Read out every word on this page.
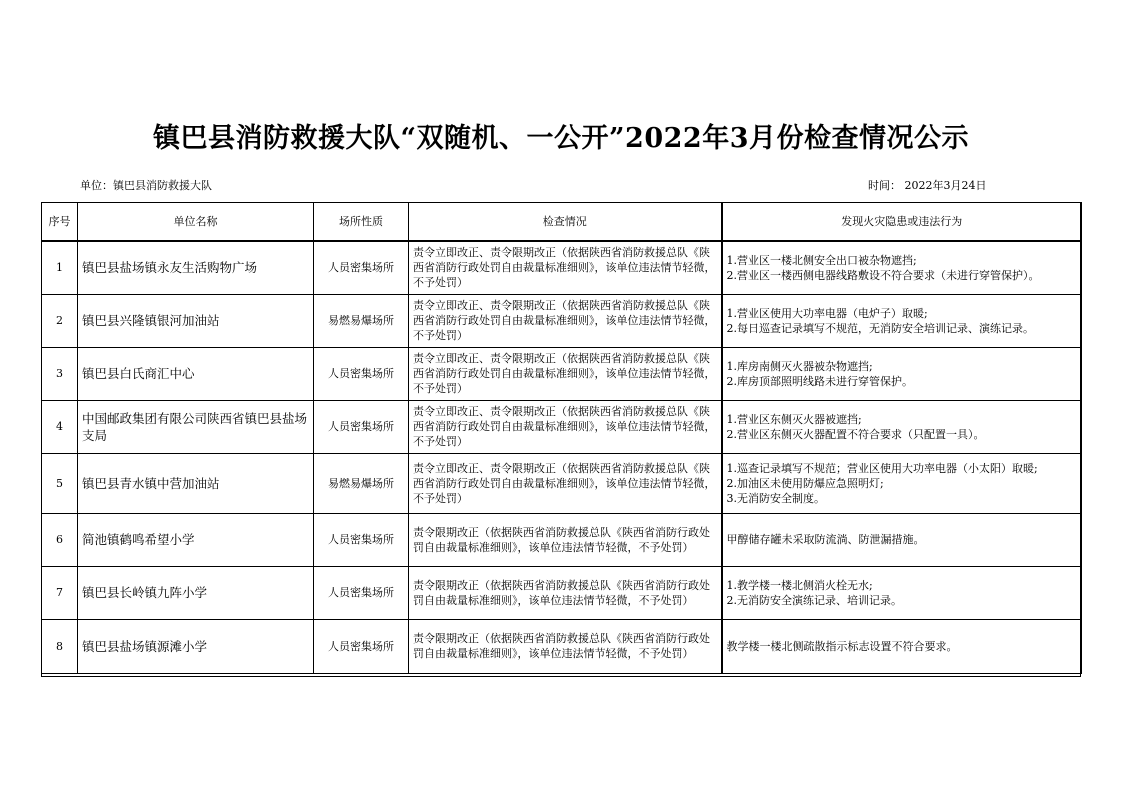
镇巴县消防救援大队“双随机、一公开”2022年3月份检查情况公示
单位：镇巴县消防救援大队	时间： 2022年3月24日
序号	单位名称	场所性质	检查情况	发现火灾隐患或违法行为
1	镇巴县盐场镇永友生活购物广场	人员密集场所	责令立即改正、责令限期改正（依据陕西省消防救援总队《陕西省消防行政处罚自由裁量标准细则》，该单位违法情节轻微，不予处罚）	1.营业区一楼北侧安全出口被杂物遮挡;
2.营业区一楼西侧电器线路敷设不符合要求（未进行穿管保护）。

2	镇巴县兴隆镇银河加油站	易燃易爆场所	责令立即改正、责令限期改正（依据陕西省消防救援总队《陕西省消防行政处罚自由裁量标准细则》，该单位违法情节轻微，不予处罚）	1.营业区使用大功率电器（电炉子）取暖;
2.每日巡查记录填写不规范，无消防安全培训记录、演练记录。

3	镇巴县白氏商汇中心	人员密集场所	责令立即改正、责令限期改正（依据陕西省消防救援总队《陕西省消防行政处罚自由裁量标准细则》，该单位违法情节轻微，不予处罚）	1.库房南侧灭火器被杂物遮挡;
2.库房顶部照明线路未进行穿管保护。

4	中国邮政集团有限公司陕西省镇巴县盐场支局	人员密集场所	责令立即改正、责令限期改正（依据陕西省消防救援总队《陕西省消防行政处罚自由裁量标准细则》，该单位违法情节轻微，不予处罚）	1.营业区东侧灭火器被遮挡;
2.营业区东侧灭火器配置不符合要求（只配置一具）。

5	镇巴县青水镇中营加油站	易燃易爆场所	责令立即改正、责令限期改正（依据陕西省消防救援总队《陕西省消防行政处罚自由裁量标准细则》，该单位违法情节轻微，不予处罚）	1.巡查记录填写不规范；营业区使用大功率电器（小太阳）取暖;
2.加油区未使用防爆应急照明灯;
3.无消防安全制度。

6	简池镇鹤鸣希望小学	人员密集场所	责令限期改正（依据陕西省消防救援总队《陕西省消防行政处罚自由裁量标准细则》，该单位违法情节轻微，不予处罚）	甲醇储存罐未采取防流淌、防泄漏措施。

7	镇巴县长岭镇九阵小学	人员密集场所	责令限期改正（依据陕西省消防救援总队《陕西省消防行政处罚自由裁量标准细则》，该单位违法情节轻微，不予处罚）	1.教学楼一楼北侧消火栓无水;
2.无消防安全演练记录、培训记录。

8	镇巴县盐场镇源滩小学	人员密集场所	责令限期改正（依据陕西省消防救援总队《陕西省消防行政处罚自由裁量标准细则》，该单位违法情节轻微，不予处罚）	教学楼一楼北侧疏散指示标志设置不符合要求。
